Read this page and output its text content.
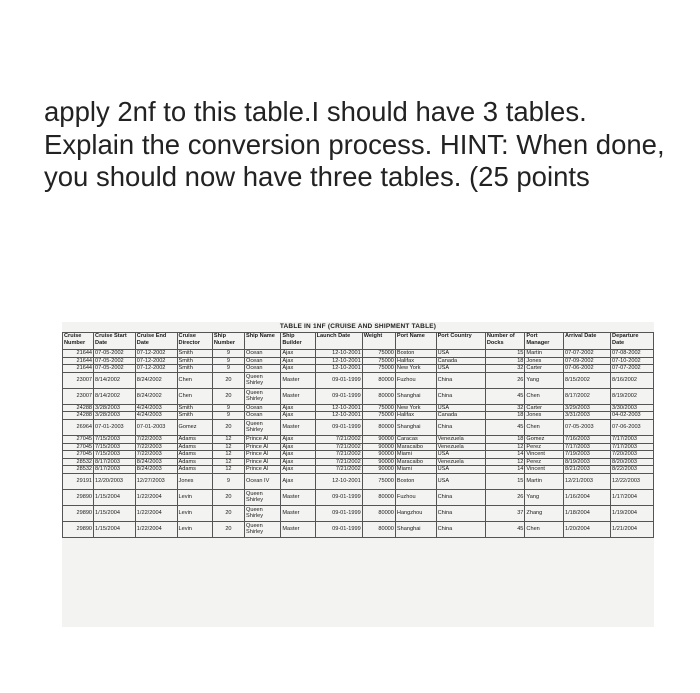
apply 2nf to this table.I should have 3 tables. Explain the conversion process. HINT: When done, you should now have three tables. (25 points

TABLE IN 1NF (CRUISE AND SHIPMENT TABLE)
Cruise Number	Cruise Start Date	Cruise End Date	Cruise Director	Ship Number	Ship Name	Ship Builder	Launch Date	Weight	Port Name	Port Country	Number of Docks	Port Manager	Arrival Date	Departure Date
21644	07-05-2002	07-12-2002	Smith	9	Ocean	Ajax	12-10-2001	75000	Boston	USA	15	Martin	07-07-2002	07-08-2002
21644	07-05-2002	07-12-2002	Smith	9	Ocean	Ajax	12-10-2001	75000	Halifax	Canada	18	Jones	07-09-2002	07-10-2002
21644	07-05-2002	07-12-2002	Smith	9	Ocean	Ajax	12-10-2001	75000	New York	USA	32	Carter	07-06-2002	07-07-2002
23007	8/14/2002	8/24/2002	Chen	20	Queen Shirley	Master	09-01-1999	80000	Fuzhou	China	26	Yang	8/15/2002	8/16/2002
23007	8/14/2002	8/24/2002	Chen	20	Queen Shirley	Master	09-01-1999	80000	Shanghai	China	45	Chen	8/17/2002	8/19/2002
24288	3/28/2003	4/24/2003	Smith	9	Ocean	Ajax	12-10-2001	75000	New York	USA	32	Carter	3/29/2003	3/30/2003
24288	3/28/2003	4/24/2003	Smith	9	Ocean	Ajax	12-10-2001	75000	Halifax	Canada	18	Jones	3/31/2003	04-02-2003
26964	07-01-2003	07-01-2003	Gomez	20	Queen Shirley	Master	09-01-1999	80000	Shanghai	China	45	Chen	07-05-2003	07-06-2003
27045	7/15/2003	7/22/2003	Adams	12	Prince Al	Ajax	7/21/2002	90000	Caracas	Venezuela	18	Gomez	7/16/2003	7/17/2003
27045	7/15/2003	7/22/2003	Adams	12	Prince Al	Ajax	7/21/2002	90000	Maracaibo	Venezuela	12	Perez	7/17/2003	7/17/2003
27045	7/15/2003	7/22/2003	Adams	12	Prince Al	Ajax	7/21/2002	90000	Miami	USA	14	Vincent	7/19/2003	7/20/2003
28532	8/17/2003	8/24/2003	Adams	12	Prince Al	Ajax	7/21/2002	90000	Maracaibo	Venezuela	12	Perez	8/19/2003	8/20/2003
28532	8/17/2003	8/24/2003	Adams	12	Prince Al	Ajax	7/21/2002	90000	Miami	USA	14	Vincent	8/21/2003	8/22/2003
29191	12/20/2003	12/27/2003	Jones	9	Ocean IV	Ajax	12-10-2001	75000	Boston	USA	15	Martin	12/21/2003	12/22/2003
29890	1/15/2004	1/22/2004	Levin	20	Queen Shirley	Master	09-01-1999	80000	Fuzhou	China	26	Yang	1/16/2004	1/17/2004
29890	1/15/2004	1/22/2004	Levin	20	Queen Shirley	Master	09-01-1999	80000	Hangzhou	China	37	Zhang	1/18/2004	1/19/2004
29890	1/15/2004	1/22/2004	Levin	20	Queen Shirley	Master	09-01-1999	80000	Shanghai	China	45	Chen	1/20/2004	1/21/2004
